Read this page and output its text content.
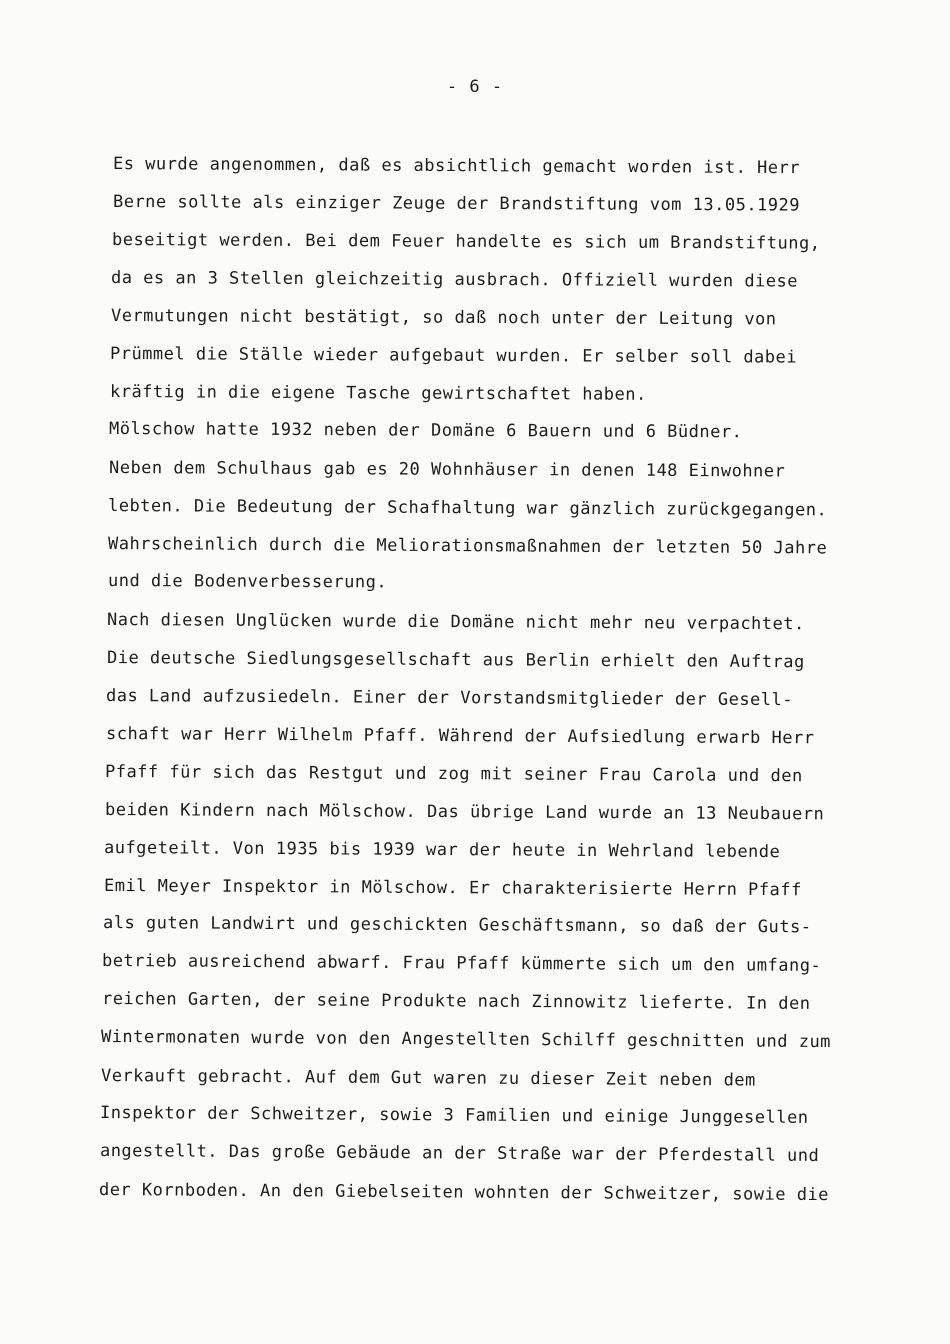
- 6 -
Es wurde angenommen, daß es absichtlich gemacht worden ist. Herr
Berne sollte als einziger Zeuge der Brandstiftung vom 13.05.1929
beseitigt werden. Bei dem Feuer handelte es sich um Brandstiftung,
da es an 3 Stellen gleichzeitig ausbrach. Offiziell wurden diese
Vermutungen nicht bestätigt, so daß noch unter der Leitung von
Prümmel die Ställe wieder aufgebaut wurden. Er selber soll dabei
kräftig in die eigene Tasche gewirtschaftet haben.
Mölschow hatte 1932 neben der Domäne 6 Bauern und 6 Büdner.
Neben dem Schulhaus gab es 20 Wohnhäuser in denen 148 Einwohner
lebten. Die Bedeutung der Schafhaltung war gänzlich zurückgegangen.
Wahrscheinlich durch die Meliorationsmaßnahmen der letzten 50 Jahre
und die Bodenverbesserung.
Nach diesen Unglücken wurde die Domäne nicht mehr neu verpachtet.
Die deutsche Siedlungsgesellschaft aus Berlin erhielt den Auftrag
das Land aufzusiedeln. Einer der Vorstandsmitglieder der Gesell-
schaft war Herr Wilhelm Pfaff. Während der Aufsiedlung erwarb Herr
Pfaff für sich das Restgut und zog mit seiner Frau Carola und den
beiden Kindern nach Mölschow. Das übrige Land wurde an 13 Neubauern
aufgeteilt. Von 1935 bis 1939 war der heute in Wehrland lebende
Emil Meyer Inspektor in Mölschow. Er charakterisierte Herrn Pfaff
als guten Landwirt und geschickten Geschäftsmann, so daß der Guts-
betrieb ausreichend abwarf. Frau Pfaff kümmerte sich um den umfang-
reichen Garten, der seine Produkte nach Zinnowitz lieferte. In den
Wintermonaten wurde von den Angestellten Schilff geschnitten und zum
Verkauft gebracht. Auf dem Gut waren zu dieser Zeit neben dem
Inspektor der Schweitzer, sowie 3 Familien und einige Junggesellen
angestellt. Das große Gebäude an der Straße war der Pferdestall und
der Kornboden. An den Giebelseiten wohnten der Schweitzer, sowie die
